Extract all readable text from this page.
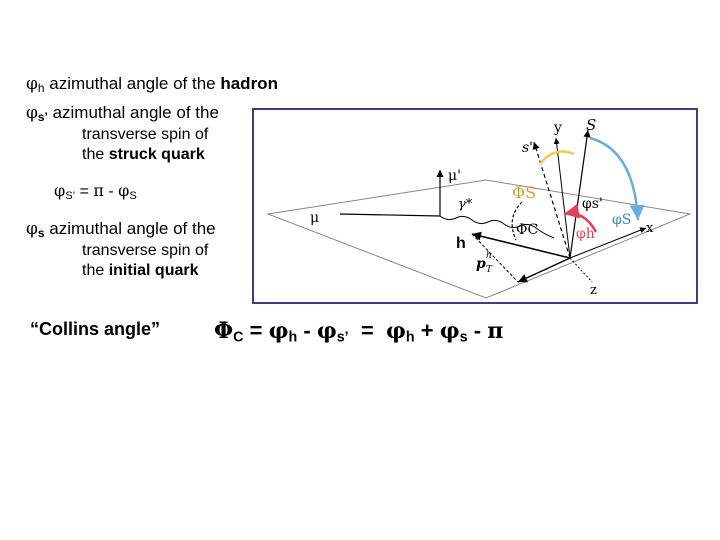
$\varphi_h$ azimuthal angle of the hadron
$\varphi_{s’}$ azimuthal angle of the
transverse spin of
the struck quark
$\varphi_{S’} = \pi - \varphi_S$
$\varphi_s$ azimuthal angle of the
transverse spin of
the initial quark
“Collins angle” $\Phi_C = \varphi_h - \varphi_{s’} = \varphi_h + \varphi_s - \pi$
y S
s'
μ'
μ
γ*
h
p h
T
x
z
ΦS
ΦC
φs'
φh
φS
